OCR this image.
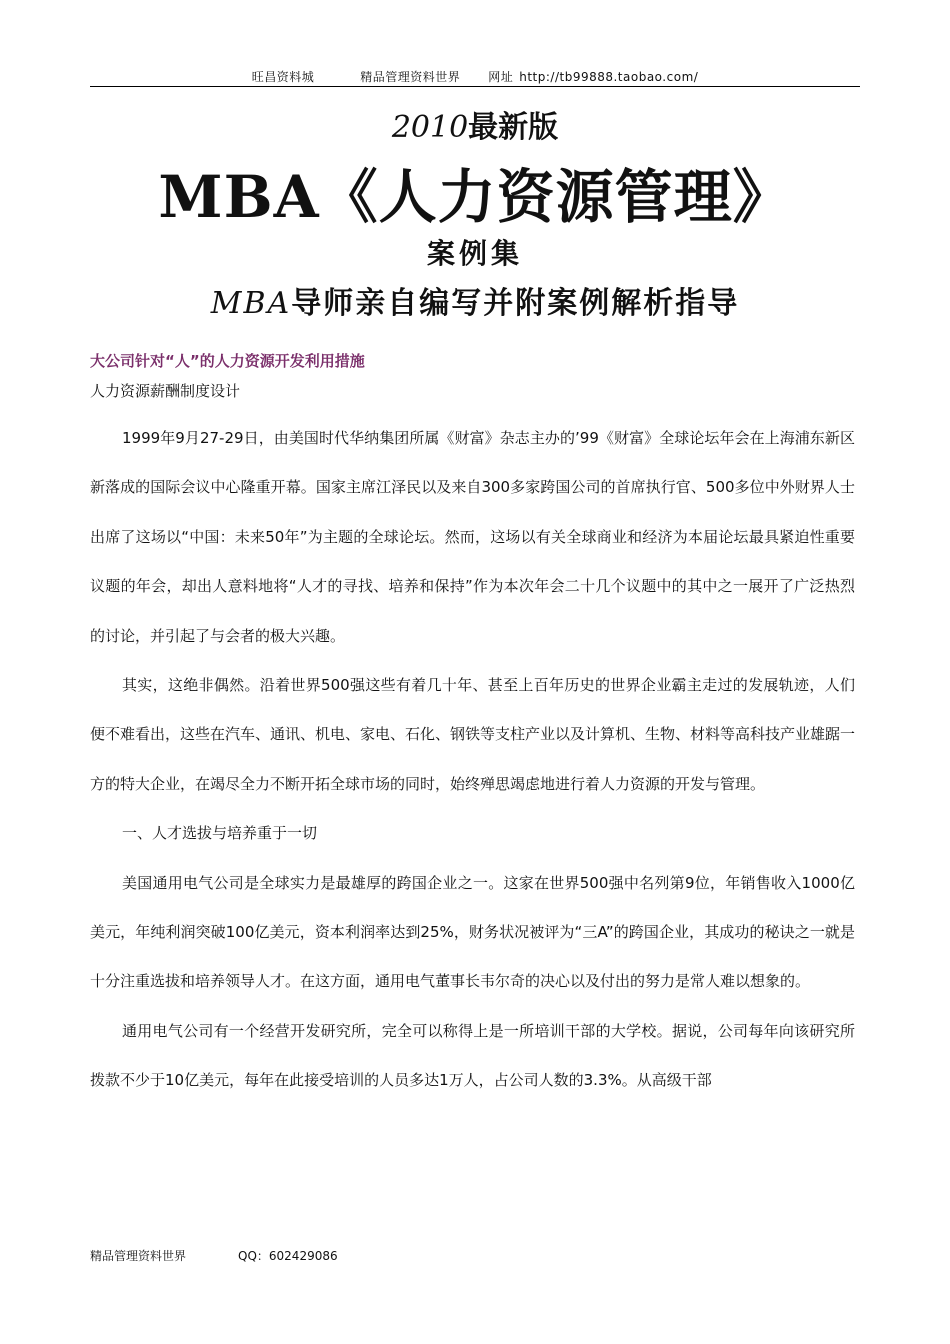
旺昌资料城	精品管理资料世界 网址 http://tb99888.taobao.com/
2010最新版
MBA《人力资源管理》
案例集
MBA导师亲自编写并附案例解析指导
大公司针对“人”的人力资源开发利用措施
人力资源薪酬制度设计

1999年9月27-29日，由美国时代华纳集团所属《财富》杂志主办的’99《财富》全球论坛年会在上海浦东新区新落成的国际会议中心隆重开幕。国家主席江泽民以及来自300多家跨国公司的首席执行官、500多位中外财界人士出席了这场以“中国：未来50年”为主题的全球论坛。然而，这场以有关全球商业和经济为本届论坛最具紧迫性重要议题的年会，却出人意料地将“人才的寻找、培养和保持”作为本次年会二十几个议题中的其中之一展开了广泛热烈的讨论，并引起了与会者的极大兴趣。

其实，这绝非偶然。沿着世界500强这些有着几十年、甚至上百年历史的世界企业霸主走过的发展轨迹，人们便不难看出，这些在汽车、通讯、机电、家电、石化、钢铁等支柱产业以及计算机、生物、材料等高科技产业雄踞一方的特大企业，在竭尽全力不断开拓全球市场的同时，始终殚思竭虑地进行着人力资源的开发与管理。

一、人才选拔与培养重于一切

美国通用电气公司是全球实力是最雄厚的跨国企业之一。这家在世界500强中名列第9位，年销售收入1000亿美元，年纯利润突破100亿美元，资本利润率达到25%，财务状况被评为“三A”的跨国企业，其成功的秘诀之一就是十分注重选拔和培养领导人才。在这方面，通用电气董事长韦尔奇的决心以及付出的努力是常人难以想象的。

通用电气公司有一个经营开发研究所，完全可以称得上是一所培训干部的大学校。据说，公司每年向该研究所拨款不少于10亿美元，每年在此接受培训的人员多达1万人，占公司人数的3.3%。从高级干部

精品管理资料世界	QQ：602429086
